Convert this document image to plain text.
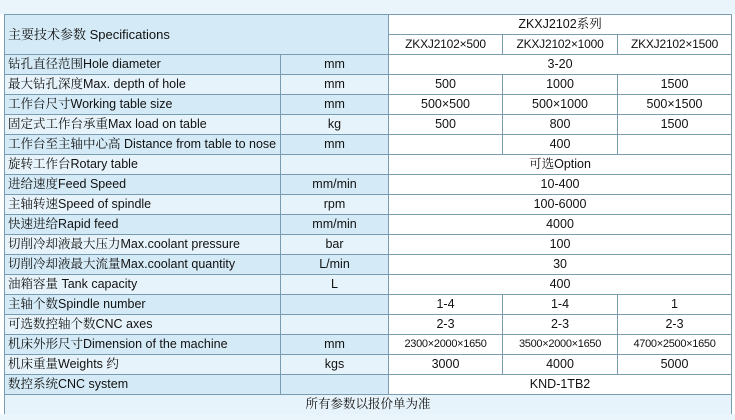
主要技术参数 Specifications		ZKXJ2102系列		
		ZKXJ2102×500	ZKXJ2102×1000	ZKXJ2102×1500
钻孔直径范围Hole diameter	mm	3-20		
最大钻孔深度Max. depth of hole	mm	500	1000	1500
工作台尺寸Working table size	mm	500×500	500×1000	500×1500
固定式工作台承重Max load on table	kg	500	800	1500
工作台至主轴中心高 Distance from table to nose	mm		400	
旋转工作台Rotary table		可选Option		
进给速度Feed Speed	mm/min	10-400		
主轴转速Speed of spindle	rpm	100-6000		
快速进给Rapid feed	mm/min	4000		
切削冷却液最大压力Max.coolant pressure	bar	100		
切削冷却液最大流量Max.coolant quantity	L/min	30		
油箱容量 Tank capacity	L	400		
主轴个数Spindle number		1-4	1-4	1
可选数控轴个数CNC axes		2-3	2-3	2-3
机床外形尺寸Dimension of the machine	mm	2300×2000×1650	3500×2000×1650	4700×2500×1650
机床重量Weights 约	kgs	3000	4000	5000
数控系统CNC system		KND-1TB2		
所有参数以报价单为准				
